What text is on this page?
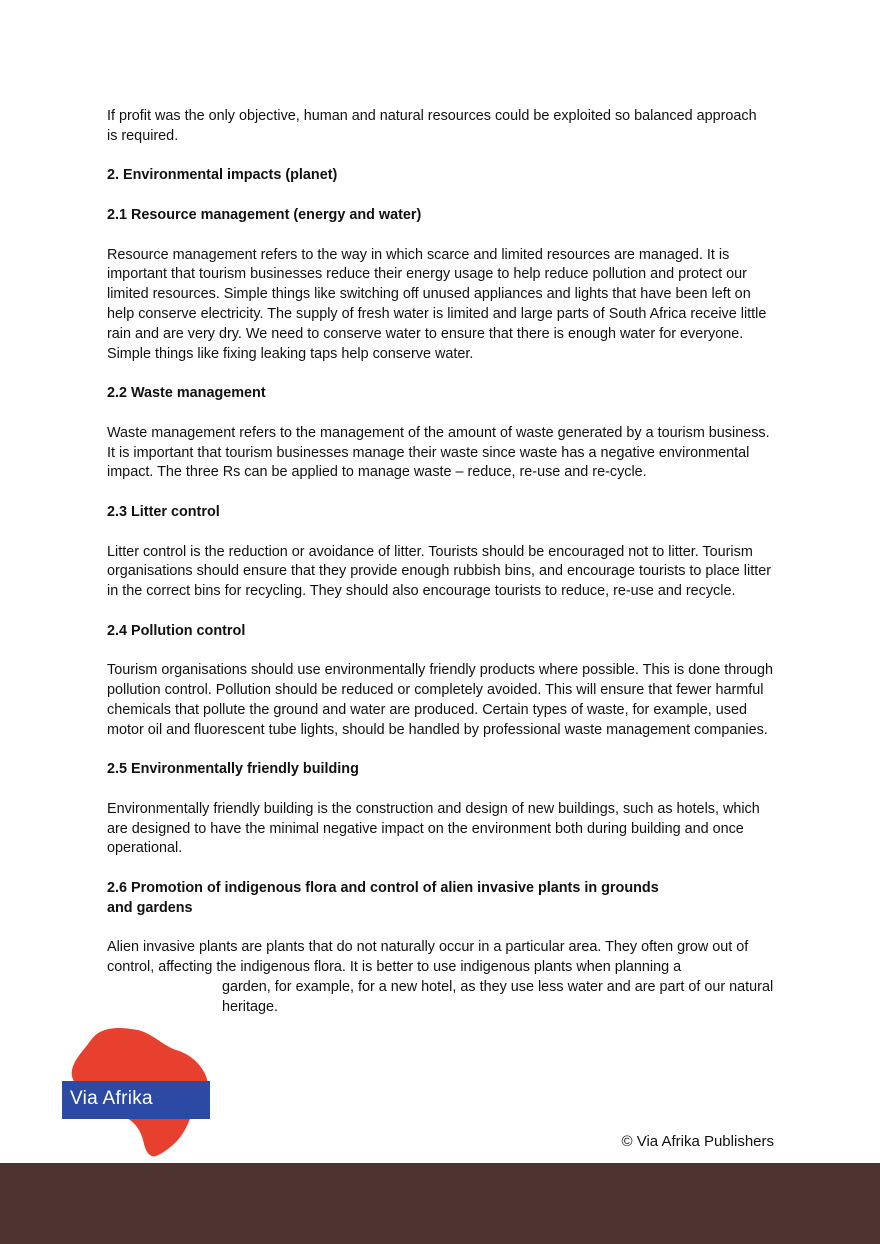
If profit was the only objective, human and natural resources could be exploited so balanced approach is required.

2. Environmental impacts (planet)
2.1 Resource management (energy and water)

Resource management refers to the way in which scarce and limited resources are managed. It is important that tourism businesses reduce their energy usage to help reduce pollution and protect our limited resources. Simple things like switching off unused appliances and lights that have been left on help conserve electricity. The supply of fresh water is limited and large parts of South Africa receive little rain and are very dry. We need to conserve water to ensure that there is enough water for everyone. Simple things like fixing leaking taps help conserve water.

2.2 Waste management

Waste management refers to the management of the amount of waste generated by a tourism business. It is important that tourism businesses manage their waste since waste has a negative environmental impact. The three Rs can be applied to manage waste – reduce, re-use and re-cycle.

2.3 Litter control

Litter control is the reduction or avoidance of litter. Tourists should be encouraged not to litter. Tourism organisations should ensure that they provide enough rubbish bins, and encourage tourists to place litter in the correct bins for recycling. They should also encourage tourists to reduce, re-use and recycle.

2.4 Pollution control

Tourism organisations should use environmentally friendly products where possible. This is done through pollution control. Pollution should be reduced or completely avoided. This will ensure that fewer harmful chemicals that pollute the ground and water are produced. Certain types of waste, for example, used motor oil and fluorescent tube lights, should be handled by professional waste management companies.

2.5 Environmentally friendly building

Environmentally friendly building is the construction and design of new buildings, such as hotels, which are designed to have the minimal negative impact on the environment both during building and once operational.

2.6 Promotion of indigenous flora and control of alien invasive plants in grounds and gardens

Alien invasive plants are plants that do not naturally occur in a particular area. They often grow out of control, affecting the indigenous flora. It is better to use indigenous plants when planning a

garden, for example, for a new hotel, as they use less water and are part of our natural heritage.

Via Afrika
© Via Afrika Publishers
